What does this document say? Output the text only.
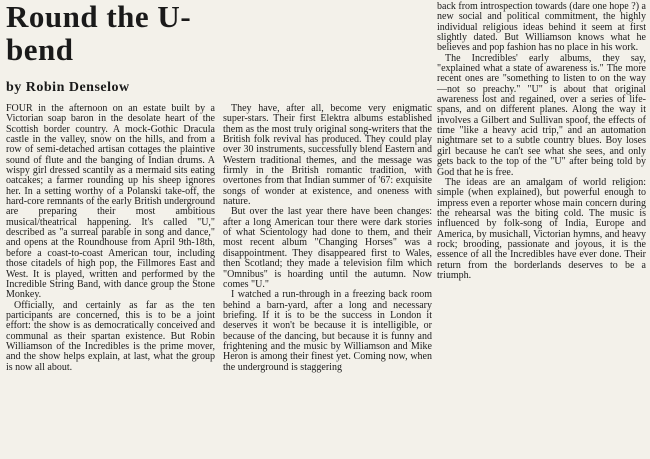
Round the U-bend
by Robin Denselow

FOUR in the afternoon on an estate built by a Victorian soap baron in the desolate heart of the Scottish border country. A mock-Gothic Dracula castle in the valley, snow on the hills, and from a row of semi-detached artisan cottages the plaintive sound of flute and the banging of Indian drums. A wispy girl dressed scantily as a mermaid sits eating oatcakes; a farmer rounding up his sheep ignores her. In a setting worthy of a Polanski take-off, the hard-core remnants of the early British underground are preparing their most ambitious musical/theatrical happening. It's called "U," described as "a surreal parable in song and dance," and opens at the Roundhouse from April 9th-18th, before a coast-to-coast American tour, including those citadels of high pop, the Fillmores East and West. It is played, written and performed by the Incredible String Band, with dance group the Stone Monkey.

Officially, and certainly as far as the ten participants are concerned, this is to be a joint effort: the show is as democratically conceived and communal as their spartan existence. But Robin Williamson of the Incredibles is the prime mover, and the show helps explain, at last, what the group is now all about.

They have, after all, become very enigmatic super-stars. Their first Elektra albums established them as the most truly original song-writers that the British folk revival has produced. They could play over 30 instruments, successfully blend Eastern and Western traditional themes, and the message was firmly in the British romantic tradition, with overtones from that Indian summer of '67: exquisite songs of wonder at existence, and oneness with nature.

But over the last year there have been changes: after a long American tour there were dark stories of what Scientology had done to them, and their most recent album "Changing Horses" was a disappointment. They disappeared first to Wales, then Scotland; they made a television film which "Omnibus" is hoarding until the autumn. Now comes "U."

I watched a run-through in a freezing back room behind a barn-yard, after a long and necessary briefing. If it is to be the success in London it deserves it won't be because it is intelligible, or because of the dancing, but because it is funny and frightening and the music by Williamson and Mike Heron is among their finest yet. Coming now, when the underground is staggering

back from introspection towards (dare one hope ?) a new social and political commitment, the highly individual religious ideas behind it seem at first slightly dated. But Williamson knows what he believes and pop fashion has no place in his work.

The Incredibles' early albums, they say, "explained what a state of awareness is." The more recent ones are "something to listen to on the way—not so preachy." "U" is about that original awareness lost and regained, over a series of life-spans, and on different planes. Along the way it involves a Gilbert and Sullivan spoof, the effects of time "like a heavy acid trip," and an automation nightmare set to a subtle country blues. Boy loses girl because he can't see what she sees, and only gets back to the top of the "U" after being told by God that he is free.

The ideas are an amalgam of world religion: simple (when explained), but powerful enough to impress even a reporter whose main concern during the rehearsal was the biting cold. The music is influenced by folk-song of India, Europe and America, by musichall, Victorian hymns, and heavy rock; brooding, passionate and joyous, it is the essence of all the Incredibles have ever done. Their return from the borderlands deserves to be a triumph.
